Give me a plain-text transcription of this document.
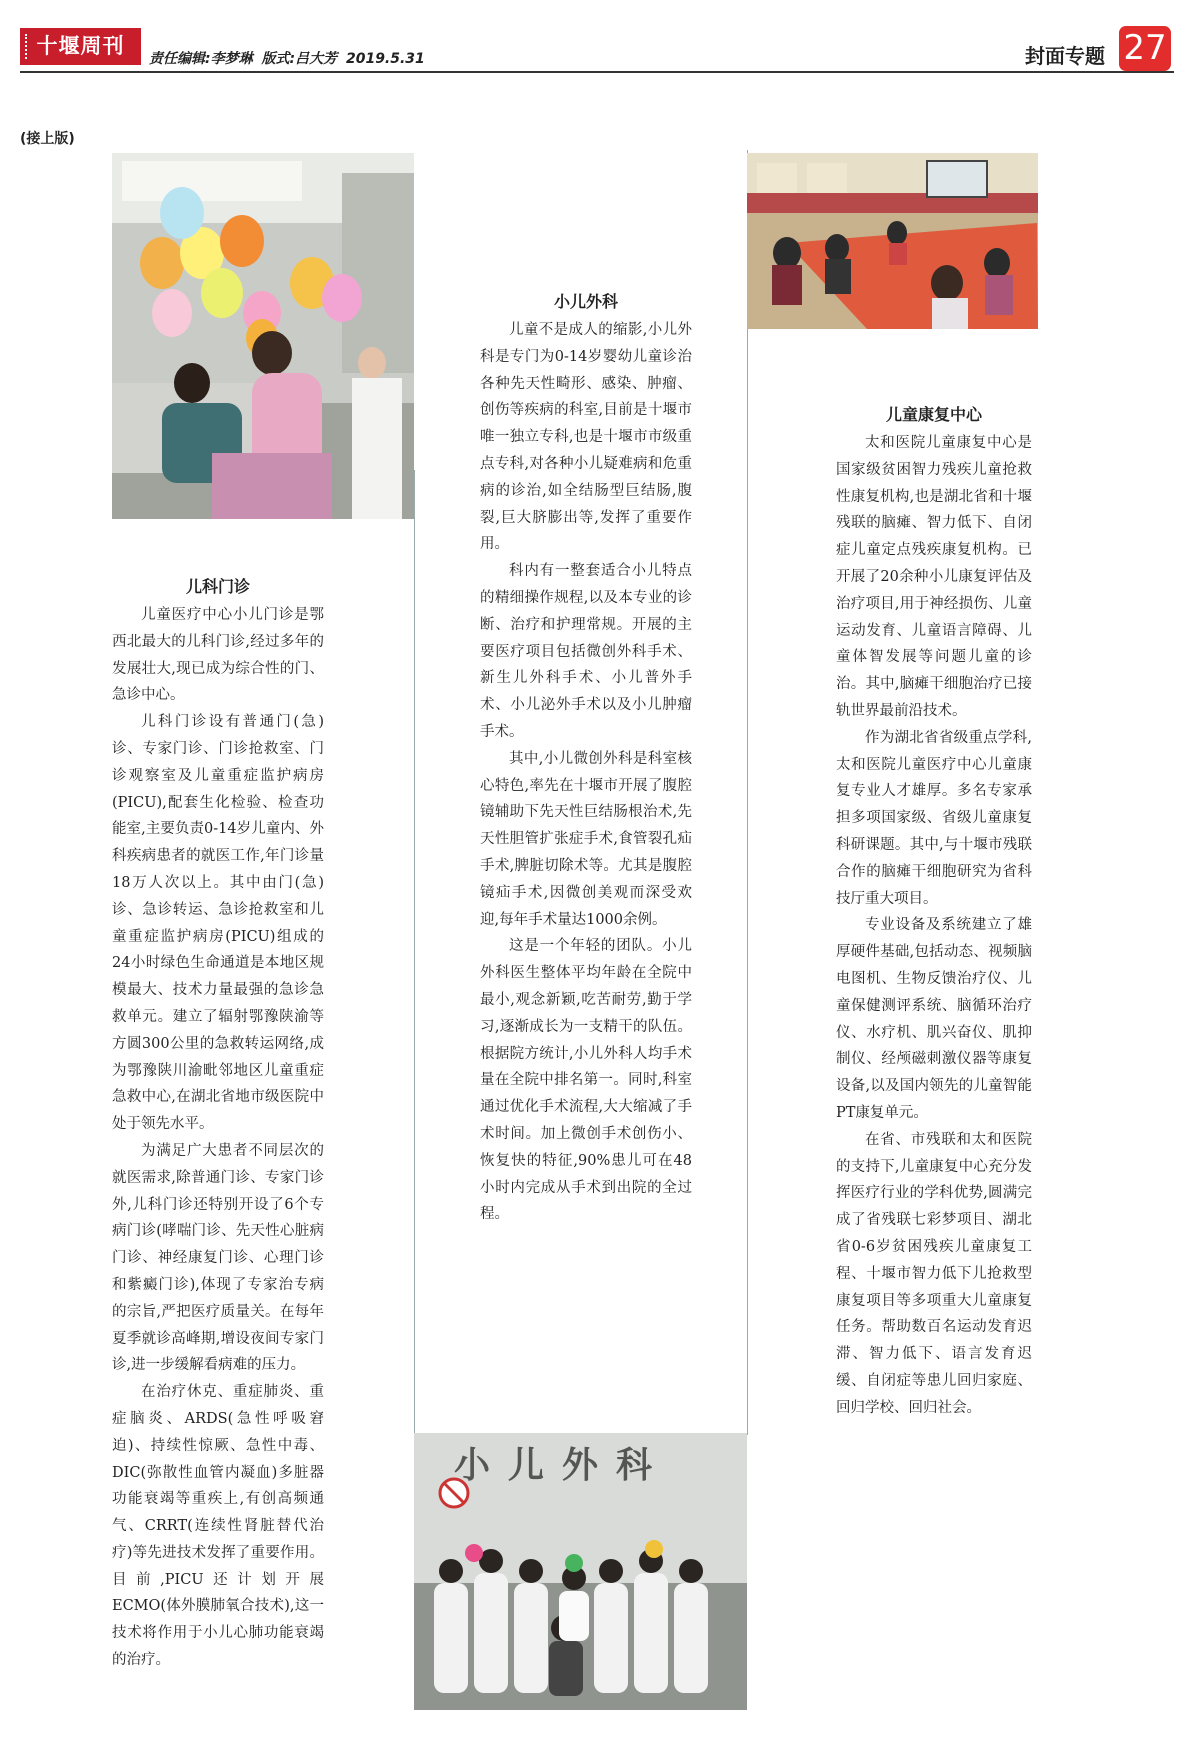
十堰周刊
责任编辑:李梦琳 版式:吕大芳 2019.5.31	封面专题 27
(接上版)
小儿外科
儿科门诊

儿童医疗中心小儿门诊是鄂西北最大的儿科门诊,经过多年的发展壮大,现已成为综合性的门、急诊中心。

儿科门诊设有普通门(急)诊、专家门诊、门诊抢救室、门诊观察室及儿童重症监护病房(PICU),配套生化检验、检查功能室,主要负责0-14岁儿童内、外科疾病患者的就医工作,年门诊量18万人次以上。其中由门(急)诊、急诊转运、急诊抢救室和儿童重症监护病房(PICU)组成的24小时绿色生命通道是本地区规模最大、技术力量最强的急诊急救单元。建立了辐射鄂豫陕渝等方圆300公里的急救转运网络,成为鄂豫陕川渝毗邻地区儿童重症急救中心,在湖北省地市级医院中处于领先水平。

为满足广大患者不同层次的就医需求,除普通门诊、专家门诊外,儿科门诊还特别开设了6个专病门诊(哮喘门诊、先天性心脏病门诊、神经康复门诊、心理门诊和紫癜门诊),体现了专家治专病的宗旨,严把医疗质量关。在每年夏季就诊高峰期,增设夜间专家门诊,进一步缓解看病难的压力。

在治疗休克、重症肺炎、重症脑炎、ARDS(急性呼吸窘迫)、持续性惊厥、急性中毒、DIC(弥散性血管内凝血)多脏器功能衰竭等重疾上,有创高频通气、CRRT(连续性肾脏替代治疗)等先进技术发挥了重要作用。目前,PICU还计划开展ECMO(体外膜肺氧合技术),这一技术将作用于小儿心肺功能衰竭的治疗。

小儿外科

儿童不是成人的缩影,小儿外科是专门为0-14岁婴幼儿童诊治各种先天性畸形、感染、肿瘤、创伤等疾病的科室,目前是十堰市唯一独立专科,也是十堰市市级重点专科,对各种小儿疑难病和危重病的诊治,如全结肠型巨结肠,腹裂,巨大脐膨出等,发挥了重要作用。

科内有一整套适合小儿特点的精细操作规程,以及本专业的诊断、治疗和护理常规。开展的主要医疗项目包括微创外科手术、新生儿外科手术、小儿普外手术、小儿泌外手术以及小儿肿瘤手术。

其中,小儿微创外科是科室核心特色,率先在十堰市开展了腹腔镜辅助下先天性巨结肠根治术,先天性胆管扩张症手术,食管裂孔疝手术,脾脏切除术等。尤其是腹腔镜疝手术,因微创美观而深受欢迎,每年手术量达1000余例。

这是一个年轻的团队。小儿外科医生整体平均年龄在全院中最小,观念新颖,吃苦耐劳,勤于学习,逐渐成长为一支精干的队伍。根据院方统计,小儿外科人均手术量在全院中排名第一。同时,科室通过优化手术流程,大大缩减了手术时间。加上微创手术创伤小、恢复快的特征,90%患儿可在48小时内完成从手术到出院的全过程。

儿童康复中心

太和医院儿童康复中心是国家级贫困智力残疾儿童抢救性康复机构,也是湖北省和十堰残联的脑瘫、智力低下、自闭症儿童定点残疾康复机构。已开展了20余种小儿康复评估及治疗项目,用于神经损伤、儿童运动发育、儿童语言障碍、儿童体智发展等问题儿童的诊治。其中,脑瘫干细胞治疗已接轨世界最前沿技术。

作为湖北省省级重点学科,太和医院儿童医疗中心儿童康复专业人才雄厚。多名专家承担多项国家级、省级儿童康复科研课题。其中,与十堰市残联合作的脑瘫干细胞研究为省科技厅重大项目。

专业设备及系统建立了雄厚硬件基础,包括动态、视频脑电图机、生物反馈治疗仪、儿童保健测评系统、脑循环治疗仪、水疗机、肌兴奋仪、肌抑制仪、经颅磁刺激仪器等康复设备,以及国内领先的儿童智能PT康复单元。

在省、市残联和太和医院的支持下,儿童康复中心充分发挥医疗行业的学科优势,圆满完成了省残联七彩梦项目、湖北省0-6岁贫困残疾儿童康复工程、十堰市智力低下儿抢救型康复项目等多项重大儿童康复任务。帮助数百名运动发育迟滞、智力低下、语言发育迟缓、自闭症等患儿回归家庭、回归学校、回归社会。
